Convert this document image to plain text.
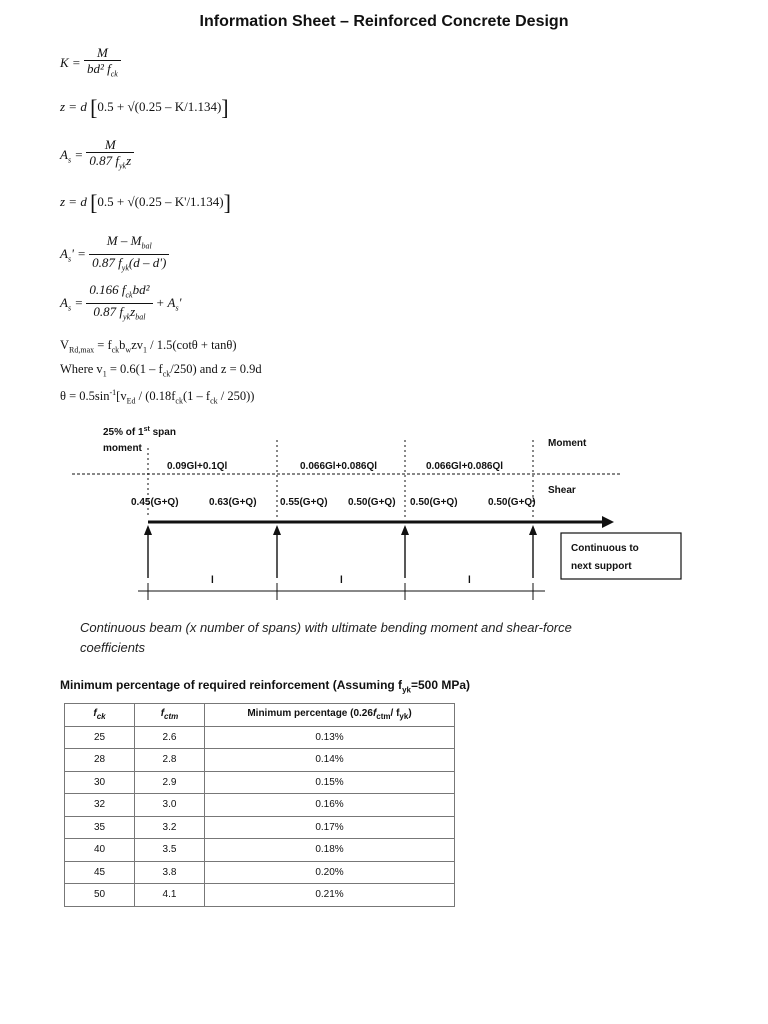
Information Sheet – Reinforced Concrete Design
$K = \frac{M}{bd^2 f_{ck}}$
z = d [0.5 + √(0.25 – K/1.134)]
$A_s = \frac{M}{0.87 f_{yk}z}$
z = d [0.5 + √(0.25 – K'/1.134)]
$A_s' = \frac{M - M_{bal}}{0.87 f_{yk}(d - d')}$
$A_s = \frac{0.166 f_{ck}bd^2}{0.87 f_{yk}z_{bal}} + A_s'$
$V_{Rd,max} = f_{ck}b_wzv_1 / 1.5(\cot\theta + \tan\theta)$
Where $v_1 = 0.6(1 - f_{ck}/250)$ and z = 0.9d
$\theta = 0.5\sin^{-1}[v_{Ed} / (0.18f_{ck}(1 - f_{ck} / 250))$
25% of 1st span
moment	Moment
Shear
0.09Gl+0.1Ql	0.066Gl+0.086Ql	0.066Gl+0.086Ql
0.45(G+Q)	0.63(G+Q) 0.55(G+Q) 0.50(G+Q) 0.50(G+Q)	0.50(G+Q)
Continuous to
next support
l	l	l
Continuous beam (x number of spans) with ultimate bending moment and shear-force coefficients
Minimum percentage of required reinforcement (Assuming $f_{yk}=500$ MPa)
$f_{ck}$	$f_{ctm}$	Minimum percentage ($0.26f_{ctm}/$ $f_{yk}$)
25	2.6	0.13%
28	2.8	0.14%
30	2.9	0.15%
32	3.0	0.16%
35	3.2	0.17%
40	3.5	0.18%
45	3.8	0.20%
50	4.1	0.21%
